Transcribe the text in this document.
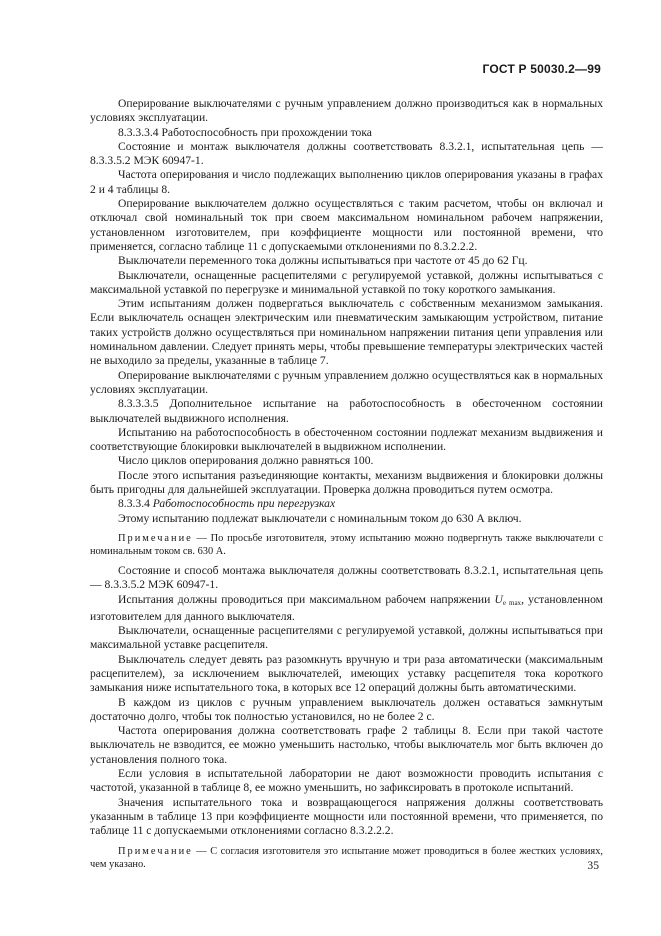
ГОСТ Р 50030.2—99

Оперирование выключателями с ручным управлением должно производиться как в нормальных условиях эксплуатации.

8.3.3.3.4 Работоспособность при прохождении тока

Состояние и монтаж выключателя должны соответствовать 8.3.2.1, испытательная цепь — 8.3.3.5.2 МЭК 60947-1.

Частота оперирования и число подлежащих выполнению циклов оперирования указаны в графах 2 и 4 таблицы 8.

Оперирование выключателем должно осуществляться с таким расчетом, чтобы он включал и отключал свой номинальный ток при своем максимальном номинальном рабочем напряжении, установленном изготовителем, при коэффициенте мощности или постоянной времени, что применяется, согласно таблице 11 с допускаемыми отклонениями по 8.3.2.2.2.

Выключатели переменного тока должны испытываться при частоте от 45 до 62 Гц.

Выключатели, оснащенные расцепителями с регулируемой уставкой, должны испытываться с максимальной уставкой по перегрузке и минимальной уставкой по току короткого замыкания.

Этим испытаниям должен подвергаться выключатель с собственным механизмом замыкания. Если выключатель оснащен электрическим или пневматическим замыкающим устройством, питание таких устройств должно осуществляться при номинальном напряжении питания цепи управления или номинальном давлении. Следует принять меры, чтобы превышение температуры электрических частей не выходило за пределы, указанные в таблице 7.

Оперирование выключателями с ручным управлением должно осуществляться как в нормальных условиях эксплуатации.

8.3.3.3.5 Дополнительное испытание на работоспособность в обесточенном состоянии выключателей выдвижного исполнения.

Испытанию на работоспособность в обесточенном состоянии подлежат механизм выдвижения и соответствующие блокировки выключателей в выдвижном исполнении.

Число циклов оперирования должно равняться 100.

После этого испытания разъединяющие контакты, механизм выдвижения и блокировки должны быть пригодны для дальнейшей эксплуатации. Проверка должна проводиться путем осмотра.

8.3.3.4 Работоспособность при перегрузках

Этому испытанию подлежат выключатели с номинальным током до 630 А включ.

Примечание — По просьбе изготовителя, этому испытанию можно подвергнуть также выключатели с номинальным током св. 630 А.

Состояние и способ монтажа выключателя должны соответствовать 8.3.2.1, испытательная цепь — 8.3.3.5.2 МЭК 60947-1.

Испытания должны проводиться при максимальном рабочем напряжении $U_{e max}$, установленном изготовителем для данного выключателя.

Выключатели, оснащенные расцепителями с регулируемой уставкой, должны испытываться при максимальной уставке расцепителя.

Выключатель следует девять раз разомкнуть вручную и три раза автоматически (максимальным расцепителем), за исключением выключателей, имеющих уставку расцепителя тока короткого замыкания ниже испытательного тока, в которых все 12 операций должны быть автоматическими.

В каждом из циклов с ручным управлением выключатель должен оставаться замкнутым достаточно долго, чтобы ток полностью установился, но не более 2 с.

Частота оперирования должна соответствовать графе 2 таблицы 8. Если при такой частоте выключатель не взводится, ее можно уменьшить настолько, чтобы выключатель мог быть включен до установления полного тока.

Если условия в испытательной лаборатории не дают возможности проводить испытания с частотой, указанной в таблице 8, ее можно уменьшить, но зафиксировать в протоколе испытаний.

Значения испытательного тока и возвращающегося напряжения должны соответствовать указанным в таблице 13 при коэффициенте мощности или постоянной времени, что применяется, по таблице 11 с допускаемыми отклонениями согласно 8.3.2.2.2.

Примечание — С согласия изготовителя это испытание может проводиться в более жестких условиях, чем указано.	35
